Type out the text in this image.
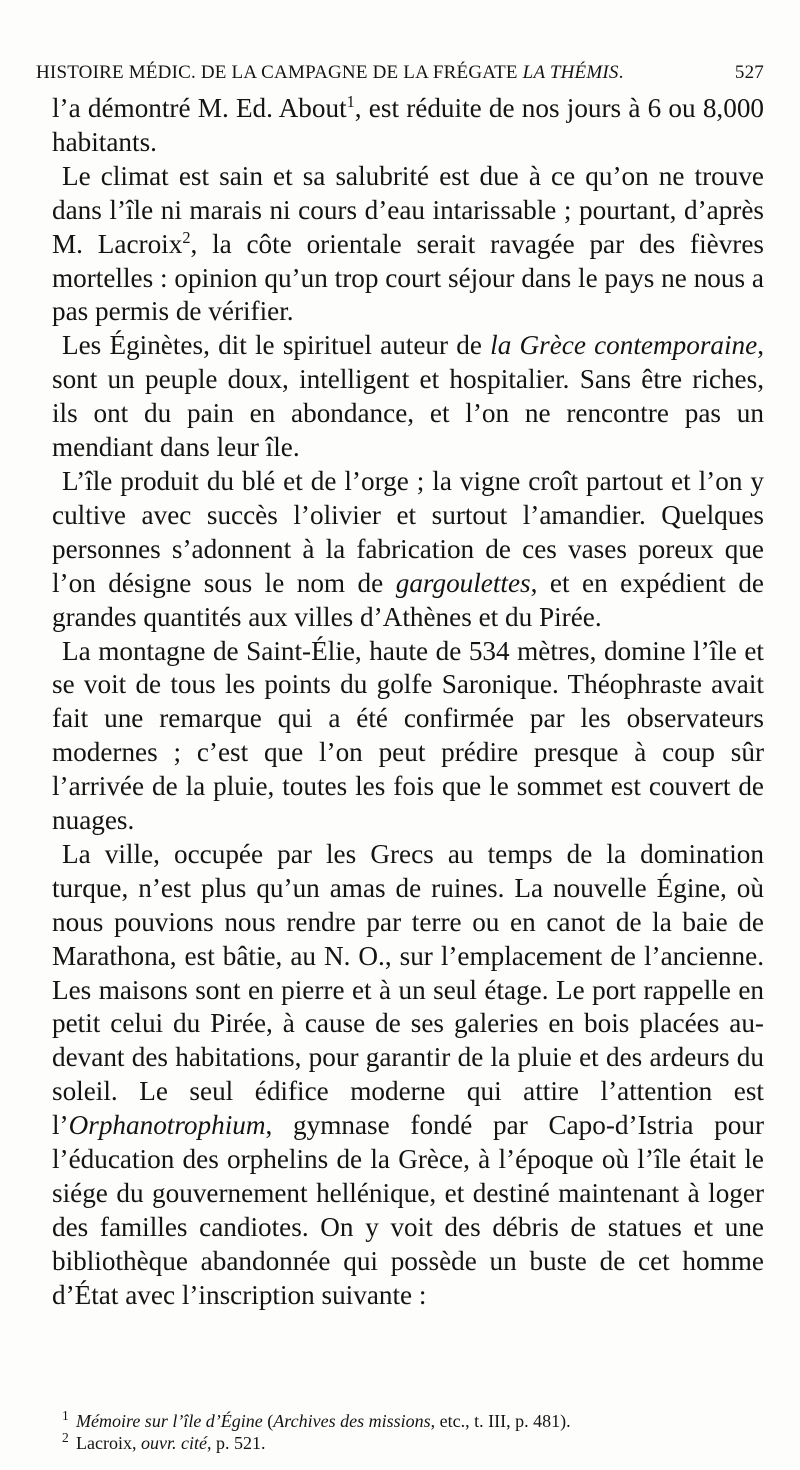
HISTOIRE MÉDIC. DE LA CAMPAGNE DE LA FRÉGATE LA THÉMIS.	527

l’a démontré M. Ed. About$^1$, est réduite de nos jours à 6 ou 8,000 habitants.

Le climat est sain et sa salubrité est due à ce qu’on ne trouve dans l’île ni marais ni cours d’eau intarissable ; pourtant, d’après M. Lacroix$^2$, la côte orientale serait ravagée par des fièvres mortelles : opinion qu’un trop court séjour dans le pays ne nous a pas permis de vérifier.

Les Éginètes, dit le spirituel auteur de la Grèce contemporaine, sont un peuple doux, intelligent et hospitalier. Sans être riches, ils ont du pain en abondance, et l’on ne rencontre pas un mendiant dans leur île.

L’île produit du blé et de l’orge ; la vigne croît partout et l’on y cultive avec succès l’olivier et surtout l’amandier. Quelques personnes s’adonnent à la fabrication de ces vases poreux que l’on désigne sous le nom de gargoulettes, et en expédient de grandes quantités aux villes d’Athènes et du Pirée.

La montagne de Saint-Élie, haute de 534 mètres, domine l’île et se voit de tous les points du golfe Saronique. Théophraste avait fait une remarque qui a été confirmée par les observateurs modernes ; c’est que l’on peut prédire presque à coup sûr l’arrivée de la pluie, toutes les fois que le sommet est couvert de nuages.

La ville, occupée par les Grecs au temps de la domination turque, n’est plus qu’un amas de ruines. La nouvelle Égine, où nous pouvions nous rendre par terre ou en canot de la baie de Marathona, est bâtie, au N. O., sur l’emplacement de l’ancienne. Les maisons sont en pierre et à un seul étage. Le port rappelle en petit celui du Pirée, à cause de ses galeries en bois placées au-devant des habitations, pour garantir de la pluie et des ardeurs du soleil. Le seul édifice moderne qui attire l’attention est l’Orphanotrophium, gymnase fondé par Capo-d’Istria pour l’éducation des orphelins de la Grèce, à l’époque où l’île était le siége du gouvernement hellénique, et destiné maintenant à loger des familles candiotes. On y voit des débris de statues et une bibliothèque abandonnée qui possède un buste de cet homme d’État avec l’inscription suivante :

1 Mémoire sur l’île d’Égine (Archives des missions, etc., t. III, p. 481).

2 Lacroix, ouvr. cité, p. 521.
